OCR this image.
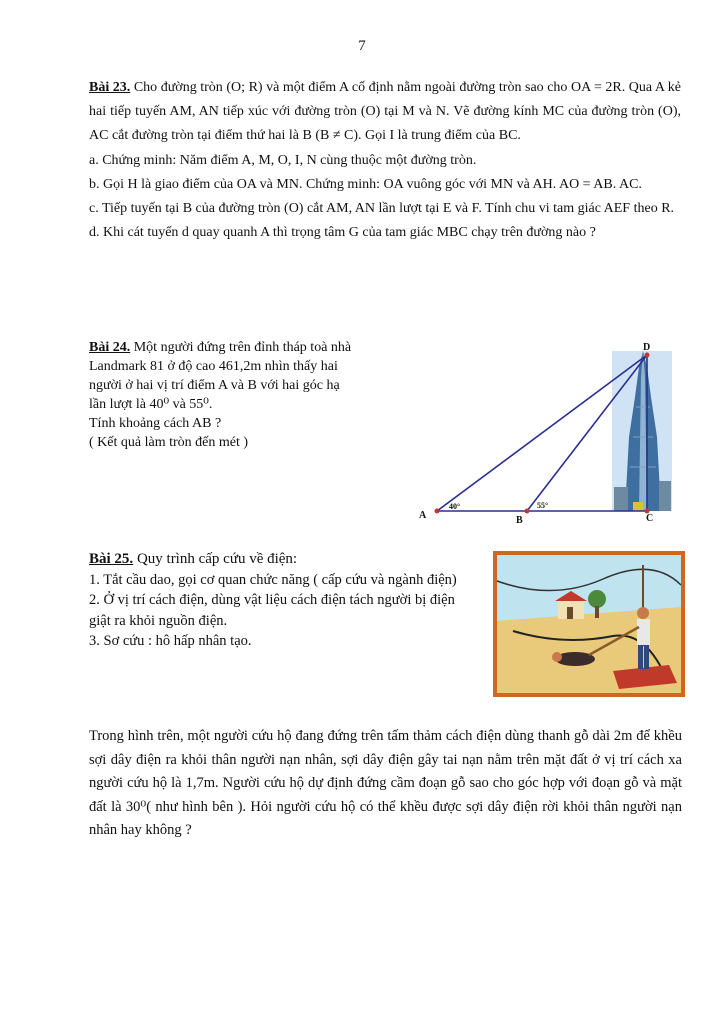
7

Bài 23. Cho đường tròn (O; R) và một điểm A cố định nằm ngoài đường tròn sao cho OA = 2R. Qua A kẻ hai tiếp tuyến AM, AN tiếp xúc với đường tròn (O) tại M và N. Vẽ đường kính MC của đường tròn (O), AC cắt đường tròn tại điểm thứ hai là B (B ≠ C). Gọi I là trung điểm của BC.

a. Chứng minh: Năm điểm A, M, O, I, N cùng thuộc một đường tròn.

b. Gọi H là giao điểm của OA và MN. Chứng minh: OA vuông góc với MN và AH. AO = AB. AC.

c. Tiếp tuyến tại B của đường tròn (O) cắt AM, AN lần lượt tại E và F. Tính chu vi tam giác AEF theo R.

d. Khi cát tuyến d quay quanh A thì trọng tâm G của tam giác MBC chạy trên đường nào ?

Bài 24. Một người đứng trên đỉnh tháp toà nhà

Landmark 81 ở độ cao 461,2m nhìn thấy hai

người ở hai vị trí điểm A và B với hai góc hạ

lần lượt là 40⁰ và 55⁰.

Tính khoảng cách AB ?

( Kết quả làm tròn đến mét )

D
A	B	C
40°	55°

Bài 25. Quy trình cấp cứu về điện:

1. Tắt cầu dao, gọi cơ quan chức năng ( cấp cứu và ngành điện)

2. Ở vị trí cách điện, dùng vật liệu cách điện tách người bị điện giật ra khỏi nguồn điện.

3. Sơ cứu : hô hấp nhân tạo.

Trong hình trên, một người cứu hộ đang đứng trên tấm thảm cách điện dùng thanh gỗ dài 2m để khều sợi dây điện ra khỏi thân người nạn nhân, sợi dây điện gây tai nạn nằm trên mặt đất ở vị trí cách xa người cứu hộ là 1,7m. Người cứu hộ dự định đứng cầm đoạn gỗ sao cho góc hợp với đoạn gỗ và mặt đất là 30⁰( như hình bên ). Hỏi người cứu hộ có thể khều được sợi dây điện rời khỏi thân người nạn nhân hay không ?
